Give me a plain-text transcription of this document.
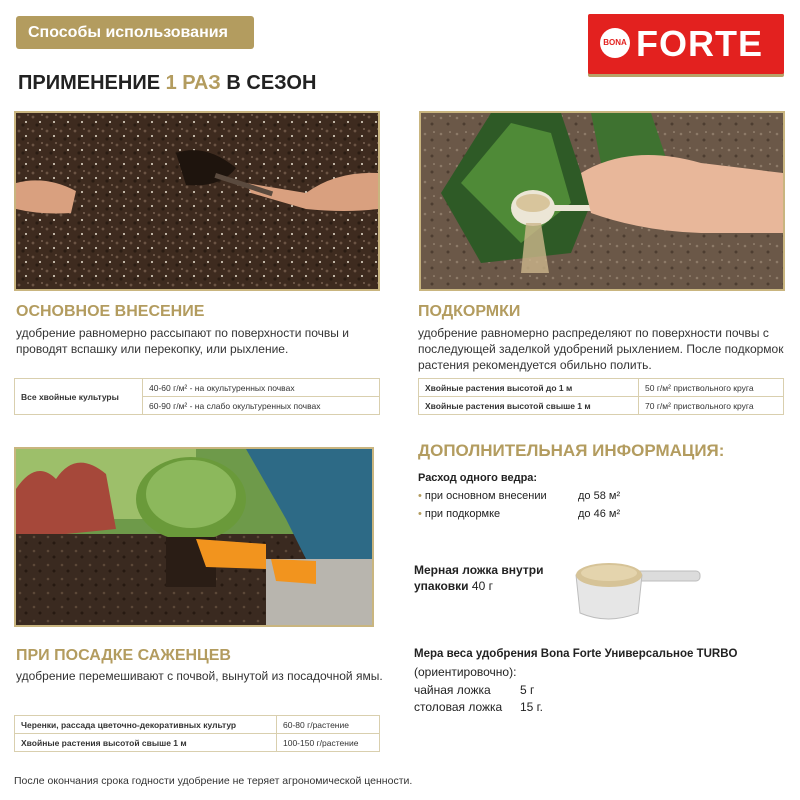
Способы использования
BONA FORTE
ПРИМЕНЕНИЕ 1 РАЗ В СЕЗОН
ОСНОВНОЕ ВНЕСЕНИЕ
удобрение равномерно рассыпают по поверхности почвы и проводят вспашку или перекопку, или рыхление.
Все хвойные культуры	40-60 г/м² - на окультуренных почвах
60-90 г/м² - на слабо окультуренных почвах
ПОДКОРМКИ
удобрение равномерно распределяют по поверхности почвы с последующей заделкой удобрений рыхлением. После подкормок растения рекомендуется обильно полить.
Хвойные растения высотой до 1 м	50 г/м² приствольного круга
Хвойные растения высотой свыше 1 м	70 г/м² приствольного круга
ПРИ ПОСАДКЕ САЖЕНЦЕВ
удобрение перемешивают с почвой, вынутой из посадочной ямы.
Черенки, рассада цветочно-декоративных культур	60-80 г/растение
Хвойные растения высотой свыше 1 м	100-150 г/растение
ДОПОЛНИТЕЛЬНАЯ ИНФОРМАЦИЯ:
Расход одного ведра:
• при основном внесении	до 58 м²
• при подкормке	до 46 м²
Мерная ложка внутри
упаковки 40 г
Мера веса удобрения Bona Forte Универсальное TURBO
(ориентировочно):
чайная ложка 5 г
столовая ложка 15 г.
После окончания срока годности удобрение не теряет агрономической ценности.
